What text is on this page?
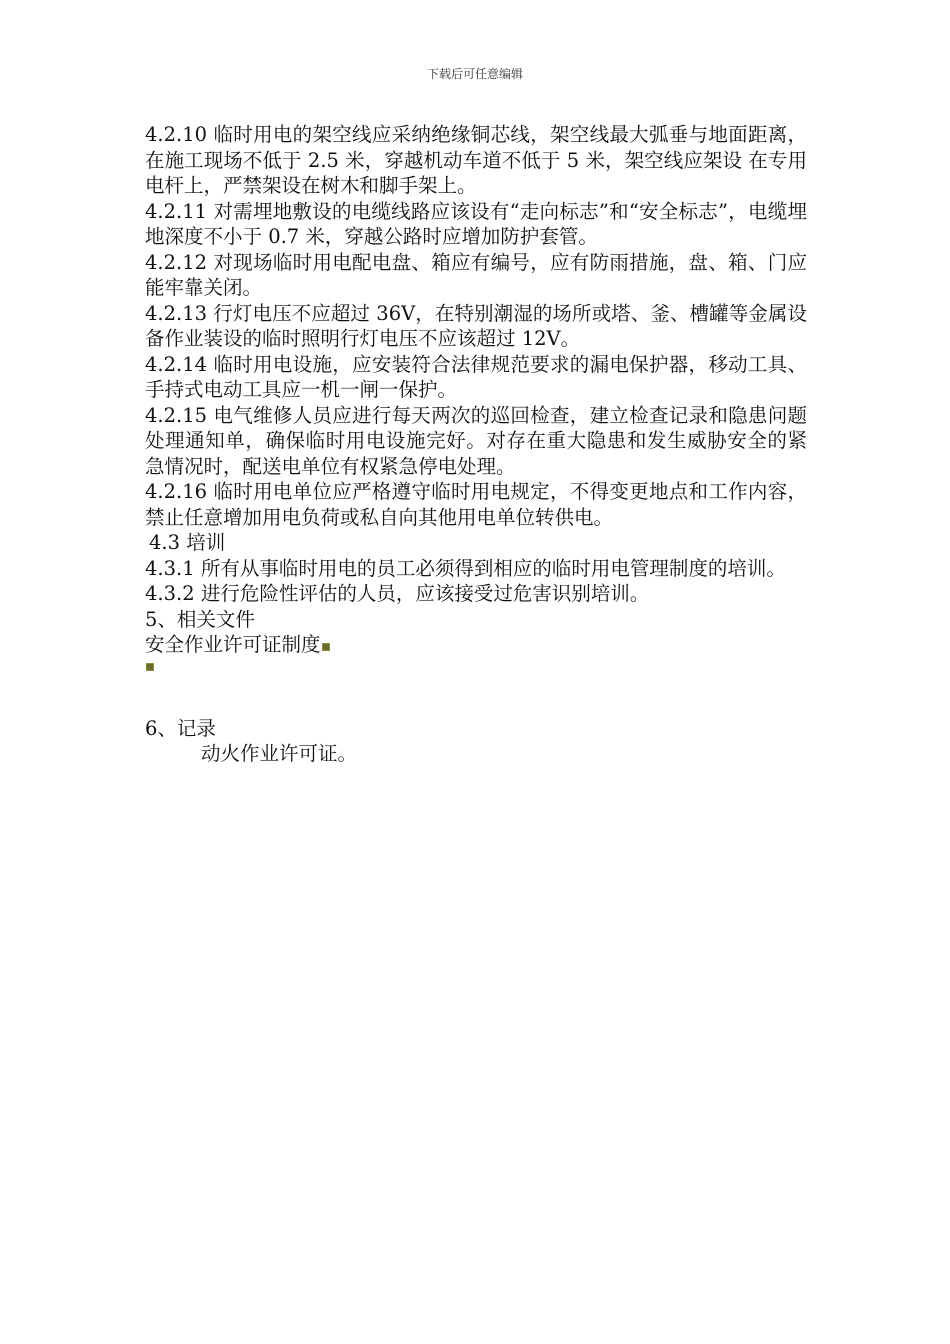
下载后可任意编辑

4.2.10 临时用电的架空线应采纳绝缘铜芯线，架空线最大弧垂与地面距离，在施工现场不低于 2.5 米，穿越机动车道不低于 5 米，架空线应架设 在专用电杆上，严禁架设在树木和脚手架上。

4.2.11 对需埋地敷设的电缆线路应该设有“走向标志”和“安全标志”，电缆埋地深度不小于 0.7 米，穿越公路时应增加防护套管。

4.2.12 对现场临时用电配电盘、箱应有编号，应有防雨措施，盘、箱、门应能牢靠关闭。

4.2.13 行灯电压不应超过 36V，在特别潮湿的场所或塔、釜、槽罐等金属设备作业装设的临时照明行灯电压不应该超过 12V。

4.2.14 临时用电设施，应安装符合法律规范要求的漏电保护器，移动工具、手持式电动工具应一机一闸一保护。

4.2.15 电气维修人员应进行每天两次的巡回检查，建立检查记录和隐患问题处理通知单，确保临时用电设施完好。对存在重大隐患和发生威胁安全的紧急情况时，配送电单位有权紧急停电处理。

4.2.16 临时用电单位应严格遵守临时用电规定，不得变更地点和工作内容，禁止任意增加用电负荷或私自向其他用电单位转供电。

4.3 培训

4.3.1 所有从事临时用电的员工必须得到相应的临时用电管理制度的培训。

4.3.2 进行危险性评估的人员，应该接受过危害识别培训。

5、相关文件

安全作业许可证制度

6、记录

动火作业许可证。
